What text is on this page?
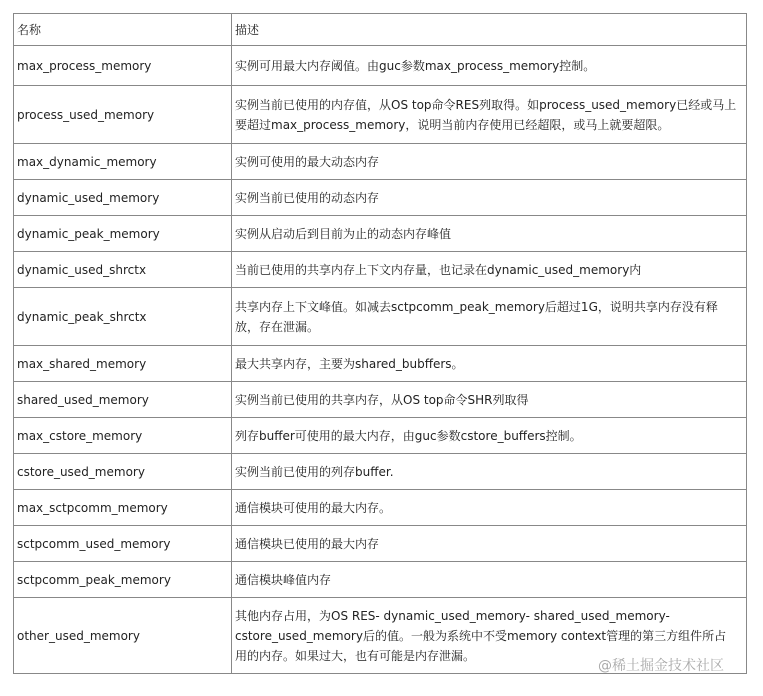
名称	描述
max_process_memory	实例可用最大内存阈值。由guc参数max_process_memory控制。
process_used_memory	实例当前已使用的内存值，从OS top命令RES列取得。如process_used_memory已经或马上要超过max_process_memory，说明当前内存使用已经超限，或马上就要超限。
max_dynamic_memory	实例可使用的最大动态内存
dynamic_used_memory	实例当前已使用的动态内存
dynamic_peak_memory	实例从启动后到目前为止的动态内存峰值
dynamic_used_shrctx	当前已使用的共享内存上下文内存量，也记录在dynamic_used_memory内
dynamic_peak_shrctx	共享内存上下文峰值。如减去sctpcomm_peak_memory后超过1G，说明共享内存没有释放，存在泄漏。
max_shared_memory	最大共享内存，主要为shared_bubffers。
shared_used_memory	实例当前已使用的共享内存，从OS top命令SHR列取得
max_cstore_memory	列存buffer可使用的最大内存，由guc参数cstore_buffers控制。
cstore_used_memory	实例当前已使用的列存buffer.
max_sctpcomm_memory	通信模块可使用的最大内存。
sctpcomm_used_memory	通信模块已使用的最大内存
sctpcomm_peak_memory	通信模块峰值内存
other_used_memory	其他内存占用，为OS RES- dynamic_used_memory- shared_used_memory- cstore_used_memory后的值。一般为系统中不受memory context管理的第三方组件所占用的内存。如果过大，也有可能是内存泄漏。
@稀土掘金技术社区
